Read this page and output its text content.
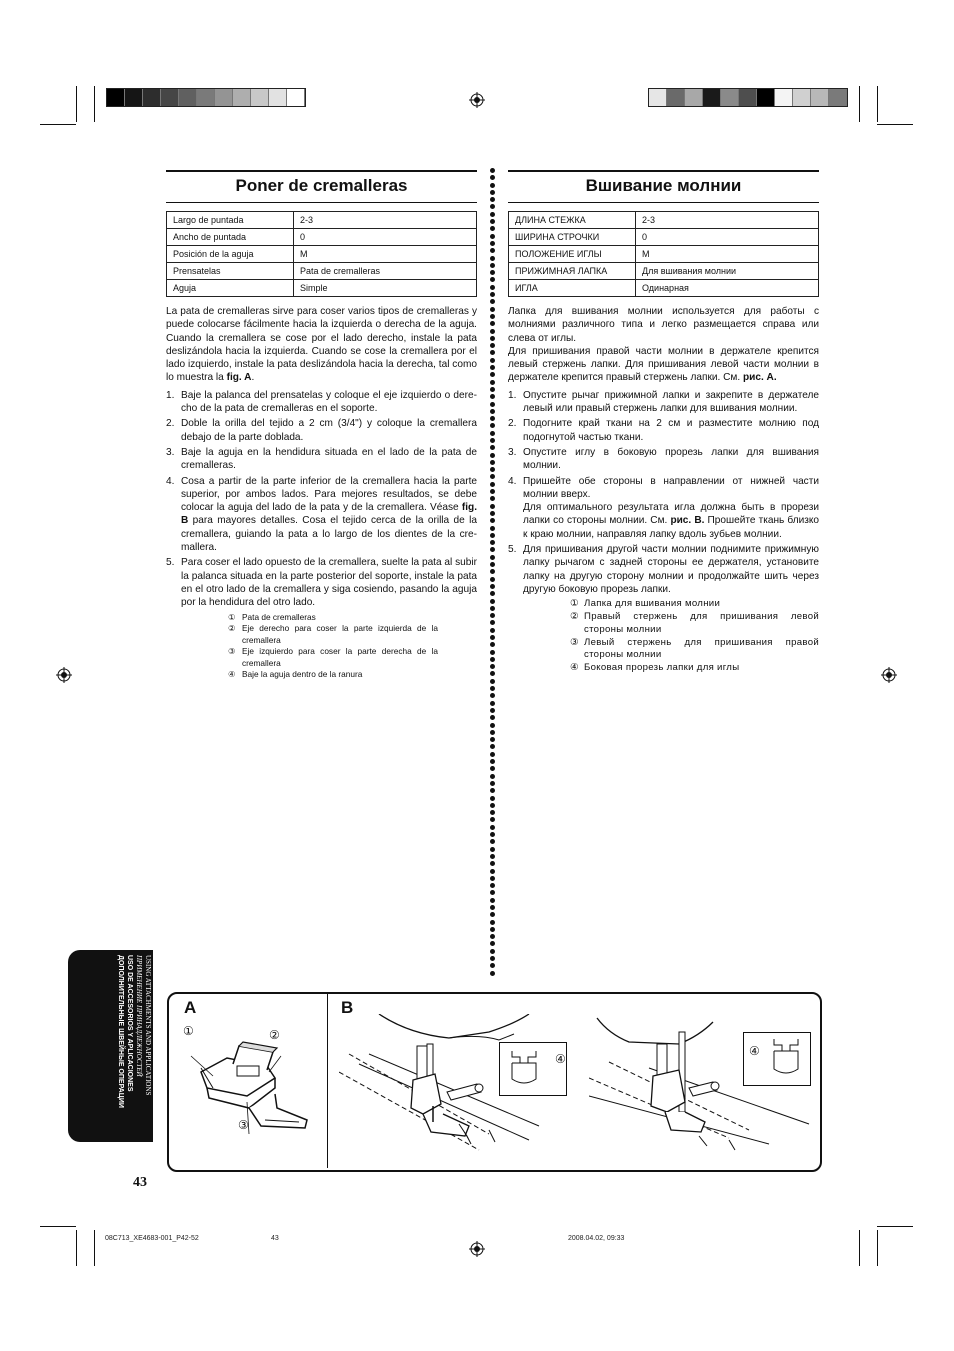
Poner de cremalleras
Largo de puntada	2-3
Ancho de puntada	0
Posición de la aguja	M
Prensatelas	Pata de cremalleras
Aguja	Simple

La pata de cremalleras sirve para coser varios tipos de cremalleras y puede colocarse fácilmente hacia la izquierda o derecha de la aguja. Cuando la cremallera se cose por el lado derecho, instale la pata deslizándola hacia la izquierda. Cuando se cose la cremallera por el lado izquierdo, instale la pata deslizándola hacia la derecha, tal como lo muestra la fig. A.

1. Baje la palanca del prensatelas y coloque el eje izquierdo o dere-cho de la pata de cremalleras en el soporte.
2. Doble la orilla del tejido a 2 cm (3/4") y coloque la cremallera debajo de la parte doblada.
3. Baje la aguja en la hendidura situada en el lado de la pata de cremalleras.
4. Cosa a partir de la parte inferior de la cremallera hacia la parte superior, por ambos lados. Para mejores resultados, se debe colocar la aguja del lado de la pata y de la cremallera. Véase fig. B para mayores detalles. Cosa el tejido cerca de la orilla de la cremallera, guiando la pata a lo largo de los dientes de la cre-mallera.
5. Para coser el lado opuesto de la cremallera, suelte la pata al subir la palanca situada en la parte posterior del soporte, instale la pata en el otro lado de la cremallera y siga cosiendo, pasando la aguja por la hendidura del otro lado.
① Pata de cremalleras
② Eje derecho para coser la parte izquierda de la cremallera
③ Eje izquierdo para coser la parte derecha de la cremallera
④ Baje la aguja dentro de la ranura
Вшивание молнии
ДЛИНА СТЕЖКА	2-3
ШИРИНА СТРОЧКИ	0
ПОЛОЖЕНИЕ ИГЛЫ	M
ПРИЖИМНАЯ ЛАПКА	Для вшивания молнии
ИГЛА	Одинарная

Лапка для вшивания молнии используется для работы с молниями различного типа и легко размещается справа или слева от иглы.

Для пришивания правой части молнии в держателе крепится левый стержень лапки. Для пришивания левой части молнии в держателе крепится правый стержень лапки. См. рис. A.

1. Опустите рычаг прижимной лапки и закрепите в держателе левый или правый стержень лапки для вшивания молнии.
2. Подогните край ткани на 2 см и разместите молнию под подогнутой частью ткани.
3. Опустите иглу в боковую прорезь лапки для вшивания молнии.
4. Пришейте обе стороны в направлении от нижней части молнии вверх.
Для оптимального результата игла должна быть в прорези лапки со стороны молнии. См. рис. B. Прошейте ткань близко к краю молнии, направляя лапку вдоль зубьев молнии.
5. Для пришивания другой части молнии поднимите прижимную лапку рычагом с задней стороны ее держателя, установите лапку на другую сторону молнии и продолжайте шить через другую боковую прорезь лапки.
① Лапка для вшивания молнии
② Правый стержень для пришивания левой стороны молнии
③ Левый стержень для пришивания правой стороны молнии
④ Боковая прорезь лапки для иглы
USING ATTACHMENTS AND APPLICATIONS
ПРИМЕНЕНИЕ ПРИНАДЛЕЖНОСТЕЙ
USO DE ACCESORIOS Y APLICACIONES
ДОПОЛНИТЕЛЬНЫЕ ШВЕЙНЫЕ ОПЕРАЦИИ	A	B
①	②
③
④
④
43
08C713_XE4683-001_P42-52	43	2008.04.02, 09:33
